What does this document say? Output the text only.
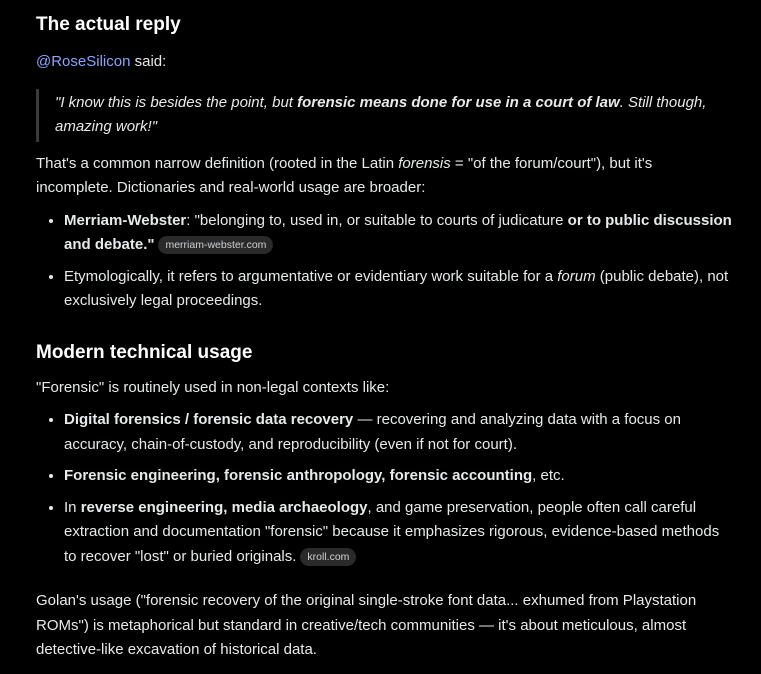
The actual reply

@RoseSilicon said:

"I know this is besides the point, but forensic means done for use in a court of law. Still though, amazing work!"

That's a common narrow definition (rooted in the Latin forensis = "of the forum/court"), but it's incomplete. Dictionaries and real-world usage are broader:

• Merriam-Webster: "belonging to, used in, or suitable to courts of judicature or to public discussion and debate." merriam-webster.com
• Etymologically, it refers to argumentative or evidentiary work suitable for a forum (public debate), not exclusively legal proceedings.
Modern technical usage

"Forensic" is routinely used in non-legal contexts like:

• Digital forensics / forensic data recovery — recovering and analyzing data with a focus on accuracy, chain-of-custody, and reproducibility (even if not for court).
• Forensic engineering, forensic anthropology, forensic accounting, etc.
• In reverse engineering, media archaeology, and game preservation, people often call careful extraction and documentation "forensic" because it emphasizes rigorous, evidence-based methods to recover "lost" or buried originals. kroll.com

Golan's usage ("forensic recovery of the original single-stroke font data... exhumed from Playstation ROMs") is metaphorical but standard in creative/tech communities — it's about meticulous, almost detective-like excavation of historical data.
